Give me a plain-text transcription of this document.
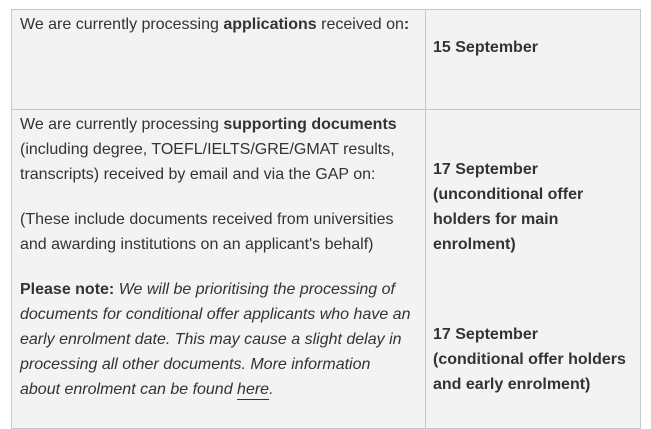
We are currently processing applications received on:

15 September

We are currently processing supporting documents (including degree, TOEFL/IELTS/GRE/GMAT results, transcripts) received by email and via the GAP on:

(These include documents received from universities and awarding institutions on an applicant's behalf)

Please note: We will be prioritising the processing of documents for conditional offer applicants who have an early enrolment date. This may cause a slight delay in processing all other documents. More information about enrolment can be found here.

17 September (unconditional offer holders for main enrolment)

17 September (conditional offer holders and early enrolment)
